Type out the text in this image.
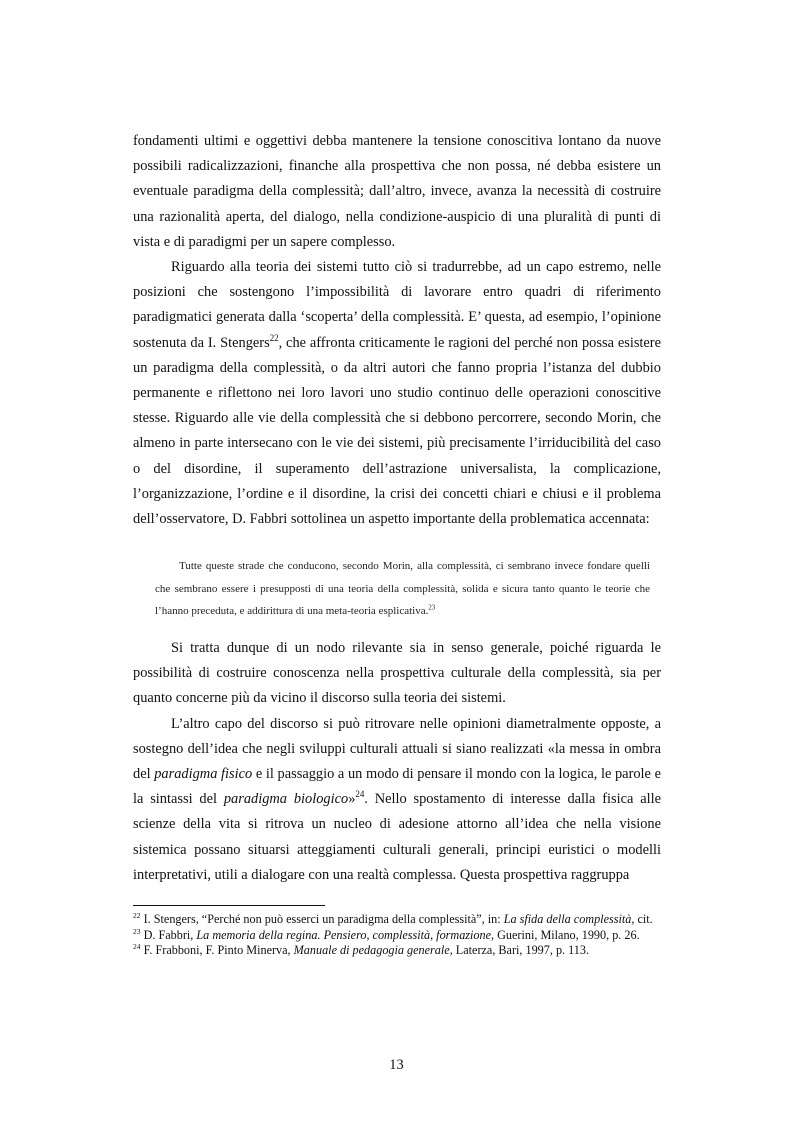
fondamenti ultimi e oggettivi debba mantenere la tensione conoscitiva lontano da nuove possibili radicalizzazioni, finanche alla prospettiva che non possa, né debba esistere un eventuale paradigma della complessità; dall’altro, invece, avanza la necessità di costruire una razionalità aperta, del dialogo, nella condizione-auspicio di una pluralità di punti di vista e di paradigmi per un sapere complesso.

Riguardo alla teoria dei sistemi tutto ciò si tradurrebbe, ad un capo estremo, nelle posizioni che sostengono l’impossibilità di lavorare entro quadri di riferimento paradigmatici generata dalla ‘scoperta’ della complessità. E’ questa, ad esempio, l’opinione sostenuta da I. Stengers$^{22}$, che affronta criticamente le ragioni del perché non possa esistere un paradigma della complessità, o da altri autori che fanno propria l’istanza del dubbio permanente e riflettono nei loro lavori uno studio continuo delle operazioni conoscitive stesse. Riguardo alle vie della complessità che si debbono percorrere, secondo Morin, che almeno in parte intersecano con le vie dei sistemi, più precisamente l’irriducibilità del caso o del disordine, il superamento dell’astrazione universalista, la complicazione, l’organizzazione, l’ordine e il disordine, la crisi dei concetti chiari e chiusi e il problema dell’osservatore, D. Fabbri sottolinea un aspetto importante della problematica accennata:

Tutte queste strade che conducono, secondo Morin, alla complessità, ci sembrano invece fondare quelli che sembrano essere i presupposti di una teoria della complessità, solida e sicura tanto quanto le teorie che l’hanno preceduta, e addirittura di una meta-teoria esplicativa.$^{23}$

Si tratta dunque di un nodo rilevante sia in senso generale, poiché riguarda le possibilità di costruire conoscenza nella prospettiva culturale della complessità, sia per quanto concerne più da vicino il discorso sulla teoria dei sistemi.

L’altro capo del discorso si può ritrovare nelle opinioni diametralmente opposte, a sostegno dell’idea che negli sviluppi culturali attuali si siano realizzati «la messa in ombra del paradigma fisico e il passaggio a un modo di pensare il mondo con la logica, le parole e la sintassi del paradigma biologico»$^{24}$. Nello spostamento di interesse dalla fisica alle scienze della vita si ritrova un nucleo di adesione attorno all’idea che nella visione sistemica possano situarsi atteggiamenti culturali generali, principi euristici o modelli interpretativi, utili a dialogare con una realtà complessa. Questa prospettiva raggruppa

$^{22}$ I. Stengers, “Perché non può esserci un paradigma della complessità”, in: La sfida della complessità, cit.

$^{23}$ D. Fabbri, La memoria della regina. Pensiero, complessità, formazione, Guerini, Milano, 1990, p. 26.

$^{24}$ F. Frabboni, F. Pinto Minerva, Manuale di pedagogia generale, Laterza, Bari, 1997, p. 113.

13
